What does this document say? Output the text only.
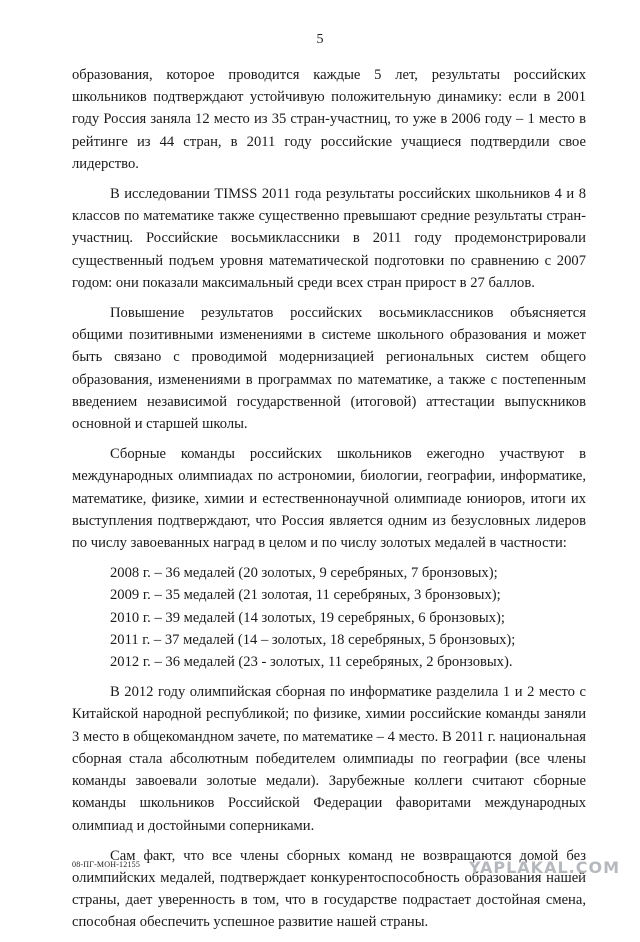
5

образования, которое проводится каждые 5 лет, результаты российских школьников подтверждают устойчивую положительную динамику: если в 2001 году Россия заняла 12 место из 35 стран-участниц, то уже в 2006 году – 1 место в рейтинге из 44 стран, в 2011 году российские учащиеся подтвердили свое лидерство.

В исследовании TIMSS 2011 года результаты российских школьников 4 и 8 классов по математике также существенно превышают средние результаты стран-участниц. Российские восьмиклассники в 2011 году продемонстрировали существенный подъем уровня математической подготовки по сравнению с 2007 годом: они показали максимальный среди всех стран прирост в 27 баллов.

Повышение результатов российских восьмиклассников объясняется общими позитивными изменениями в системе школьного образования и может быть связано с проводимой модернизацией региональных систем общего образования, изменениями в программах по математике, а также с постепенным введением независимой государственной (итоговой) аттестации выпускников основной и старшей школы.

Сборные команды российских школьников ежегодно участвуют в международных олимпиадах по астрономии, биологии, географии, информатике, математике, физике, химии и естественнонаучной олимпиаде юниоров, итоги их выступления подтверждают, что Россия является одним из безусловных лидеров по числу завоеванных наград в целом и по числу золотых медалей в частности:

2008 г. – 36 медалей (20 золотых, 9 серебряных, 7 бронзовых);
2009 г. – 35 медалей (21 золотая, 11 серебряных, 3 бронзовых);
2010 г. – 39 медалей (14 золотых, 19 серебряных, 6 бронзовых);
2011 г. – 37 медалей (14 – золотых, 18 серебряных, 5 бронзовых);
2012 г. – 36 медалей (23 - золотых, 11 серебряных, 2 бронзовых).

В 2012 году олимпийская сборная по информатике разделила 1 и 2 место с Китайской народной республикой; по физике, химии российские команды заняли 3 место в общекомандном зачете, по математике – 4 место. В 2011 г. национальная сборная стала абсолютным победителем олимпиады по географии (все члены команды завоевали золотые медали). Зарубежные коллеги считают сборные команды школьников Российской Федерации фаворитами международных олимпиад и достойными соперниками.

Сам факт, что все члены сборных команд не возвращаются домой без олимпийских медалей, подтверждает конкурентоспособность образования нашей страны, дает уверенность в том, что в государстве подрастает достойная смена, способная обеспечить успешное развитие нашей страны.

08-ПГ-МОН-12155	YAPLAKAL.COM
